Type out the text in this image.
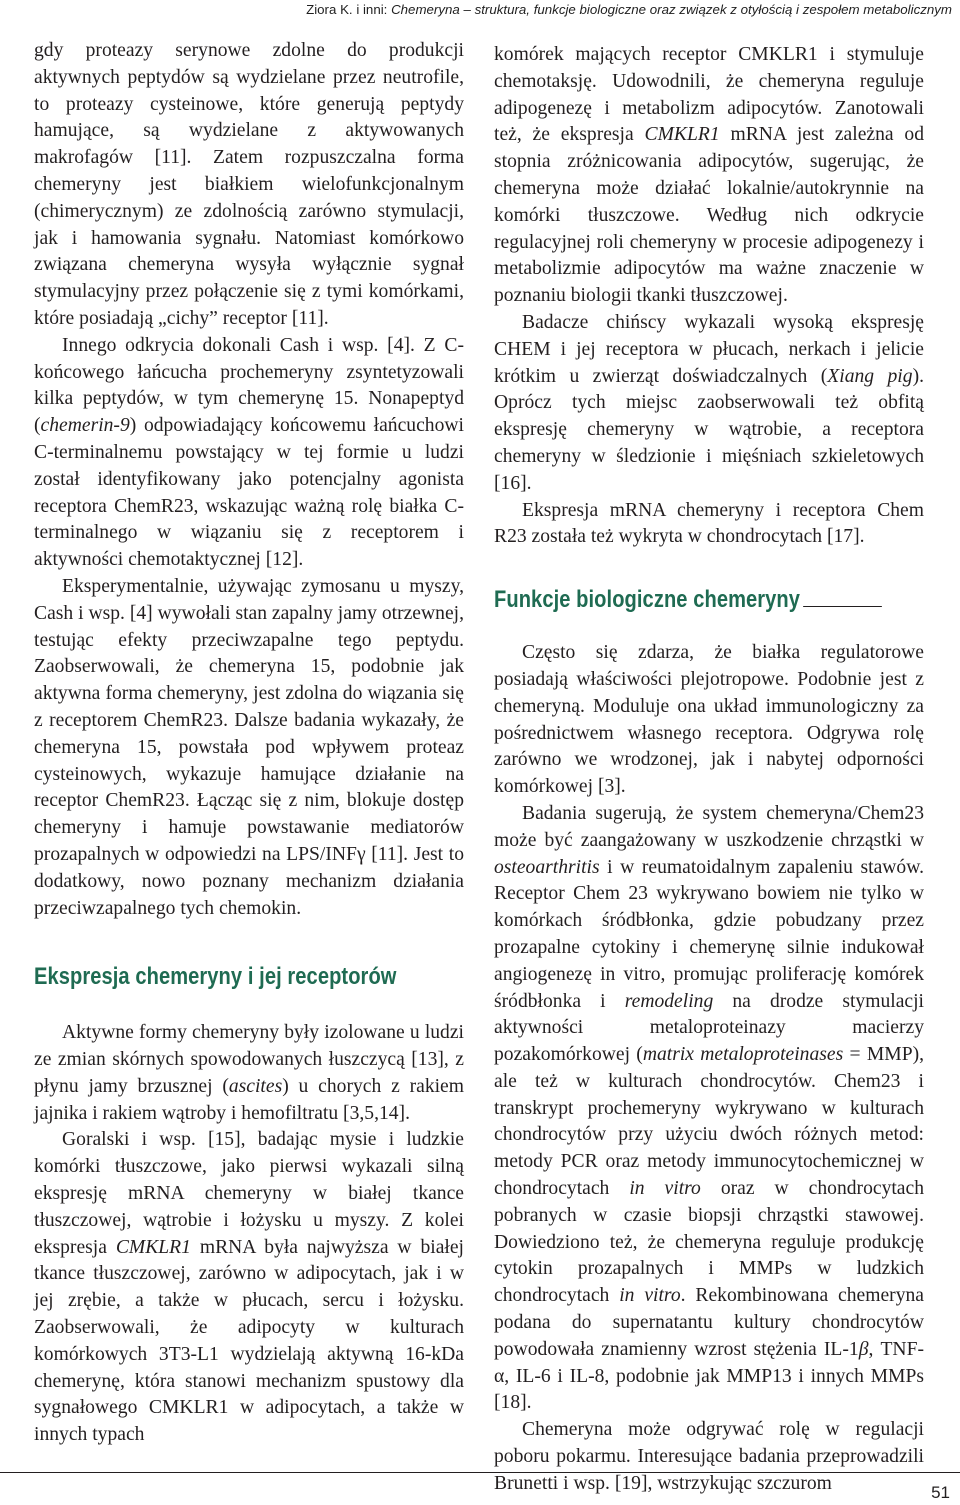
Ziora K. i inni: Chemeryna – struktura, funkcje biologiczne oraz związek z otyłością i zespołem metabolicznym

gdy proteazy serynowe zdolne do produkcji aktywnych peptydów są wydzielane przez neutrofile, to proteazy cysteinowe, które generują peptydy hamujące, są wydzielane z aktywowanych makrofagów [11]. Zatem rozpuszczalna forma chemeryny jest białkiem wielofunkcjonalnym (chimerycznym) ze zdolnością zarówno stymulacji, jak i hamowania sygnału. Natomiast komórkowo związana chemeryna wysyła wyłącznie sygnał stymulacyjny przez połączenie się z tymi komórkami, które posiadają „cichy” receptor [11].

Innego odkrycia dokonali Cash i wsp. [4]. Z C-końcowego łańcucha prochemeryny zsyntetyzowali kilka peptydów, w tym chemerynę 15. Nonapeptyd (chemerin-9) odpowiadający końcowemu łańcuchowi C-terminalnemu powstający w tej formie u ludzi został identyfikowany jako potencjalny agonista receptora ChemR23, wskazując ważną rolę białka C-terminalnego w wiązaniu się z receptorem i aktywności chemotaktycznej [12].

Eksperymentalnie, używając zymosanu u myszy, Cash i wsp. [4] wywołali stan zapalny jamy otrzewnej, testując efekty przeciwzapalne tego peptydu. Zaobserwowali, że chemeryna 15, podobnie jak aktywna forma chemeryny, jest zdolna do wiązania się z receptorem ChemR23. Dalsze badania wykazały, że chemeryna 15, powstała pod wpływem proteaz cysteinowych, wykazuje hamujące działanie na receptor ChemR23. Łącząc się z nim, blokuje dostęp chemeryny i hamuje powstawanie mediatorów prozapalnych w odpowiedzi na LPS/INFγ [11]. Jest to dodatkowy, nowo poznany mechanizm działania przeciwzapalnego tych chemokin.

Ekspresja chemeryny i jej receptorów

Aktywne formy chemeryny były izolowane u ludzi ze zmian skórnych spowodowanych łuszczycą [13], z płynu jamy brzusznej (ascites) u chorych z rakiem jajnika i rakiem wątroby i hemofiltratu [3,5,14].

Goralski i wsp. [15], badając mysie i ludzkie komórki tłuszczowe, jako pierwsi wykazali silną ekspresję mRNA chemeryny w białej tkance tłuszczowej, wątrobie i łożysku u myszy. Z kolei ekspresja CMKLR1 mRNA była najwyższa w białej tkance tłuszczowej, zarówno w adipocytach, jak i w jej zrębie, a także w płucach, sercu i łożysku. Zaobserwowali, że adipocyty w kulturach komórkowych 3T3-L1 wydzielają aktywną 16-kDa chemerynę, która stanowi mechanizm spustowy dla sygnałowego CMKLR1 w adipocytach, a także w innych typach

komórek mających receptor CMKLR1 i stymuluje chemotaksję. Udowodnili, że chemeryna reguluje adipogenezę i metabolizm adipocytów. Zanotowali też, że ekspresja CMKLR1 mRNA jest zależna od stopnia zróżnicowania adipocytów, sugerując, że chemeryna może działać lokalnie/autokrynnie na komórki tłuszczowe. Według nich odkrycie regulacyjnej roli chemeryny w procesie adipogenezy i metabolizmie adipocytów ma ważne znaczenie w poznaniu biologii tkanki tłuszczowej.

Badacze chińscy wykazali wysoką ekspresję CHEM i jej receptora w płucach, nerkach i jelicie krótkim u zwierząt doświadczalnych (Xiang pig). Oprócz tych miejsc zaobserwowali też obfitą ekspresję chemeryny w wątrobie, a receptora chemeryny w śledzionie i mięśniach szkieletowych [16].

Ekspresja mRNA chemeryny i receptora Chem R23 została też wykryta w chondrocytach [17].

Funkcje biologiczne chemeryny

Często się zdarza, że białka regulatorowe posiadają właściwości plejotropowe. Podobnie jest z chemeryną. Moduluje ona układ immunologiczny za pośrednictwem własnego receptora. Odgrywa rolę zarówno we wrodzonej, jak i nabytej odporności komórkowej [3].

Badania sugerują, że system chemeryna/Chem23 może być zaangażowany w uszkodzenie chrząstki w osteoarthritis i w reumatoidalnym zapaleniu stawów. Receptor Chem 23 wykrywano bowiem nie tylko w komórkach śródbłonka, gdzie pobudzany przez prozapalne cytokiny i chemerynę silnie indukował angiogenezę in vitro, promując proliferację komórek śródbłonka i remodeling na drodze stymulacji aktywności metaloproteinazy macierzy pozakomórkowej (matrix metaloproteinases = MMP), ale też w kulturach chondrocytów. Chem23 i transkrypt prochemeryny wykrywano w kulturach chondrocytów przy użyciu dwóch różnych metod: metody PCR oraz metody immunocytochemicznej w chondrocytach in vitro oraz w chondrocytach pobranych w czasie biopsji chrząstki stawowej. Dowiedziono też, że chemeryna reguluje produkcję cytokin prozapalnych i MMPs w ludzkich chondrocytach in vitro. Rekombinowana chemeryna podana do supernatantu kultury chondrocytów powodowała znamienny wzrost stężenia IL-1β, TNF-α, IL-6 i IL-8, podobnie jak MMP13 i innych MMPs [18].

Chemeryna może odgrywać rolę w regulacji poboru pokarmu. Interesujące badania przeprowadzili Brunetti i wsp. [19], wstrzykując szczurom	51
